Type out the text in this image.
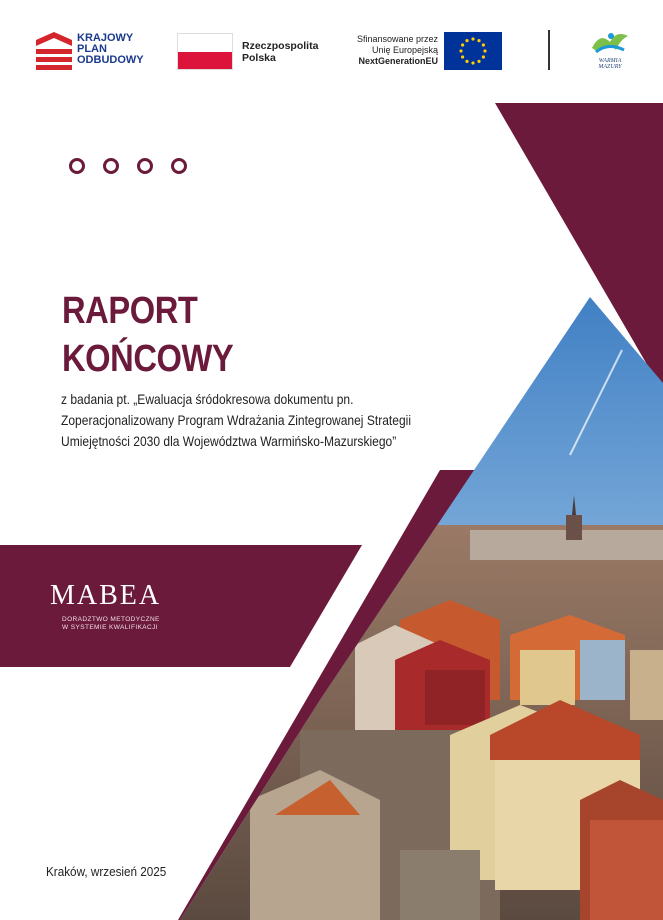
KRAJOWY
PLAN
ODBUDOWY
Rzeczpospolita
Polska
Sfinansowane przez
Unię Europejską
NextGenerationEU	WARMIA
MAZURY
RAPORT
KOŃCOWY
z badania pt. „Ewaluacja śródokresowa dokumentu pn.
Zoperacjonalizowany Program Wdrażania Zintegrowanej Strategii
Umiejętności 2030 dla Województwa Warmińsko-Mazurskiego”
MABEA
DORADZTWO METODYCZNE
W SYSTEMIE KWALIFIKACJI
Kraków, wrzesień 2025
